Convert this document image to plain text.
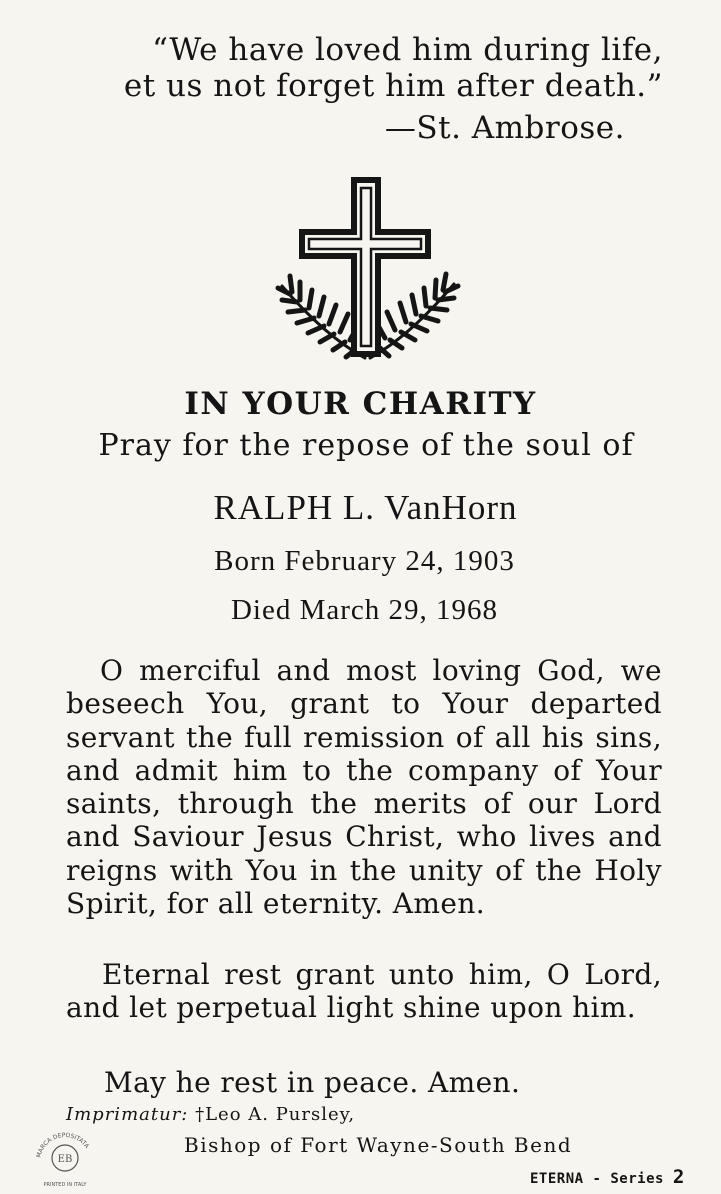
“We have loved him during life,
et us not forget him after death.”
—St. Ambrose.
IN YOUR CHARITY
Pray for the repose of the soul of
RALPH L. VanHorn
Born February 24, 1903
Died March 29, 1968
O merciful and most loving God, we beseech You, grant to Your departed servant the full remission of all his sins, and admit him to the company of Your saints, through the merits of our Lord and Saviour Jesus Christ, who lives and reigns with You in the unity of the Holy Spirit, for all eternity. Amen.
Eternal rest grant unto him, O Lord, and let perpetual light shine upon him.
May he rest in peace. Amen.
Imprimatur: †Leo A. Pursley,
Bishop of Fort Wayne-South Bend
MARCA DEPOSITATA
EB
PRINTED IN ITALY	ETERNA - Series 2
